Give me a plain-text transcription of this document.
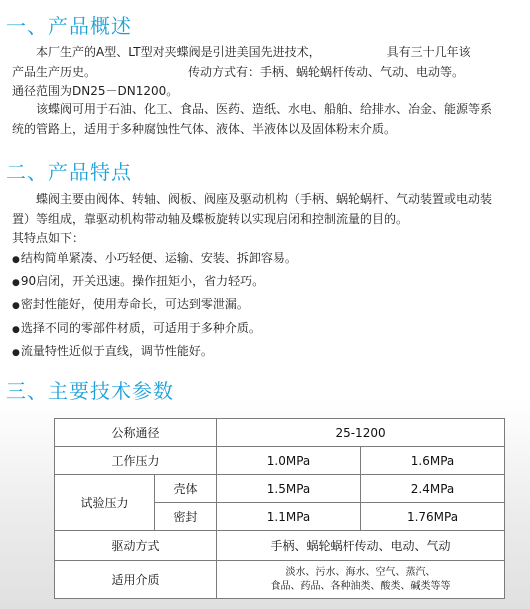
一、产品概述
本厂生产的A型、LT型对夹蝶阀是引进美国先进技术，	具有三十几年该
产品生产历史。	传动方式有：手柄、蜗轮蜗杆传动、气动、电动等。
通径范围为DN25－DN1200。
该蝶阀可用于石油、化工、食品、医药、造纸、水电、船舶、给排水、冶金、能源等系
统的管路上，适用于多种腐蚀性气体、液体、半液体以及固体粉末介质。
二、产品特点
蝶阀主要由阀体、转轴、阀板、阀座及驱动机构（手柄、蜗轮蜗杆、气动装置或电动装
置）等组成，靠驱动机构带动轴及蝶板旋转以实现启闭和控制流量的目的。
其特点如下：
● 结构简单紧凑、小巧轻便、运输、安装、拆卸容易。
● 90启闭，开关迅速。操作扭矩小，省力轻巧。
● 密封性能好，使用寿命长，可达到零泄漏。
● 选择不同的零部件材质，可适用于多种介质。
● 流量特性近似于直线，调节性能好。
三、主要技术参数
公称通径		25-1200	
工作压力		1.0MPa	1.6MPa
试验压力	壳体	1.5MPa	2.4MPa
	密封	1.1MPa	1.76MPa
驱动方式		手柄、蜗轮蜗杆传动、电动、气动	
适用介质		淡水、污水、海水、空气、蒸汽、
食品、药品、各种油类、酸类、碱类等等	
